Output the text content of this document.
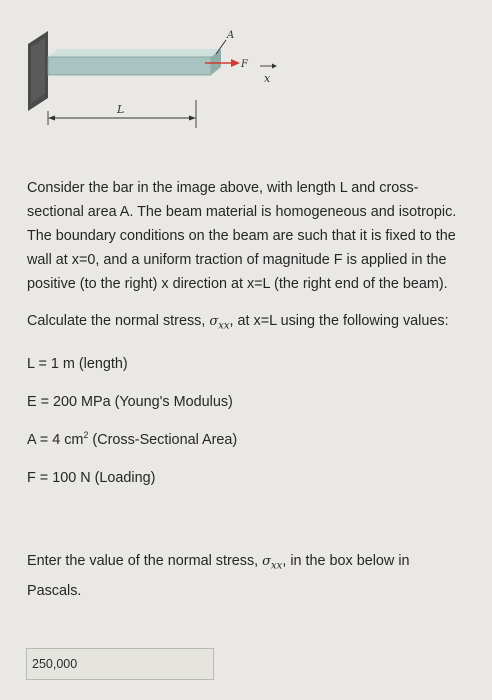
A
F
x
L

Consider the bar in the image above, with length L and cross-sectional area A. The beam material is homogeneous and isotropic. The boundary conditions on the beam are such that it is fixed to the wall at x=0, and a uniform traction of magnitude F is applied in the positive (to the right) x direction at x=L (the right end of the beam).

Calculate the normal stress, $\sigma_{xx}$, at x=L using the following values:

L = 1 m (length)

E = 200 MPa (Young's Modulus)

A = 4 $cm^2$ (Cross-Sectional Area)

F = 100 N (Loading)

Enter the value of the normal stress, $\sigma_{xx}$, in the box below in Pascals.

250,000
